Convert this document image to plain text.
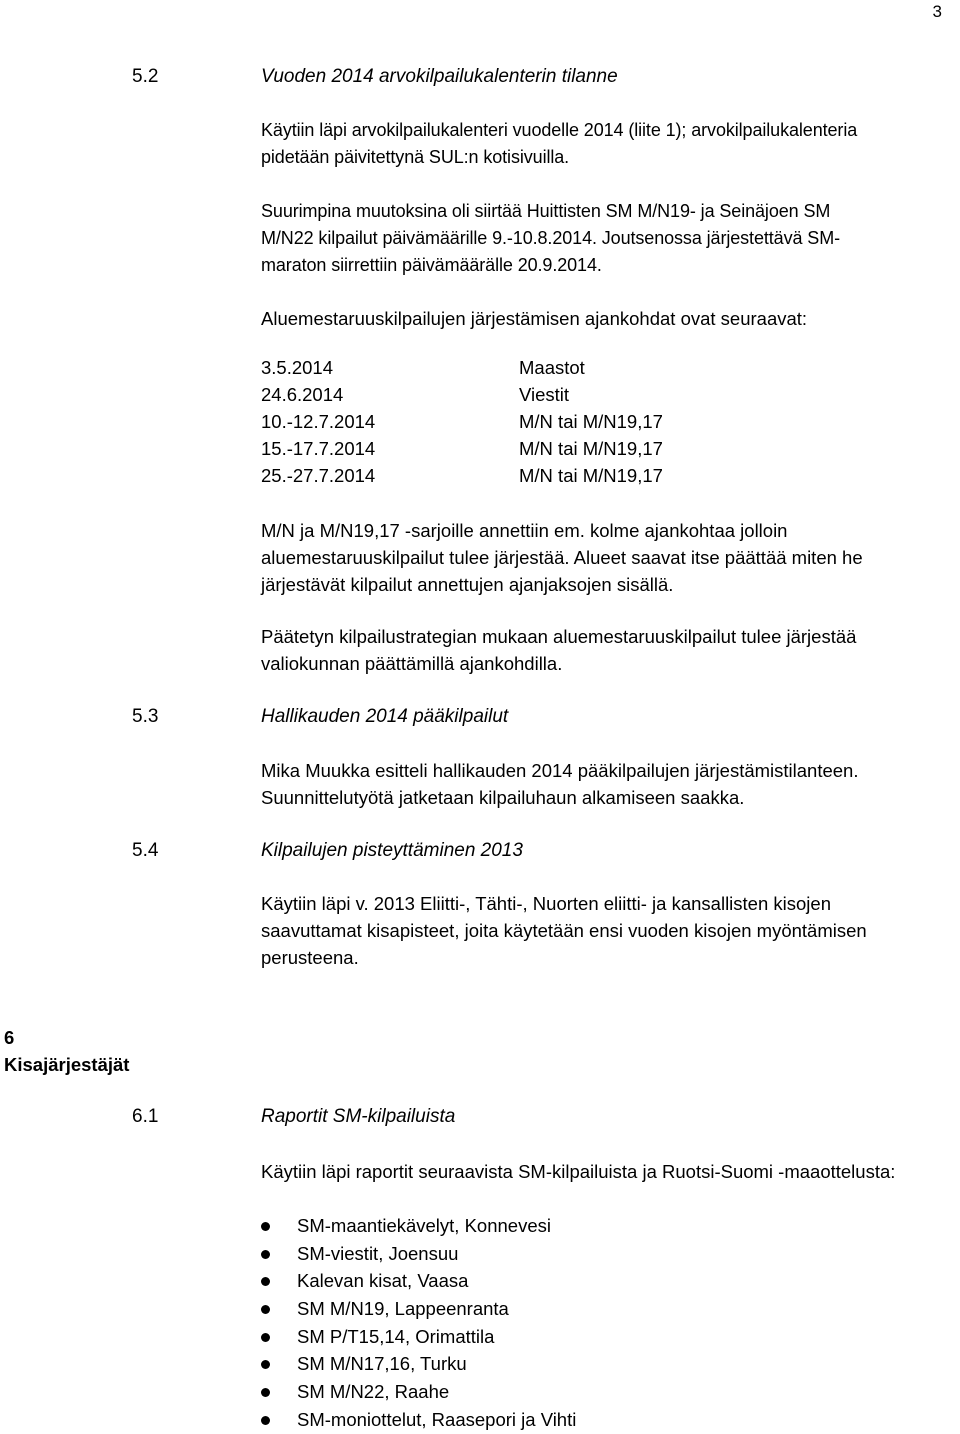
3
5.2	Vuoden 2014 arvokilpailukalenterin tilanne
Käytiin läpi arvokilpailukalenteri vuodelle 2014 (liite 1); arvokilpailukalenteria
pidetään päivitettynä SUL:n kotisivuilla.
Suurimpina muutoksina oli siirtää Huittisten SM M/N19- ja Seinäjoen SM
M/N22 kilpailut päivämäärille 9.-10.8.2014. Joutsenossa järjestettävä SM-
maraton siirrettiin päivämäärälle 20.9.2014.
Aluemestaruuskilpailujen järjestämisen ajankohdat ovat seuraavat:
3.5.2014	Maastot
24.6.2014	Viestit
10.-12.7.2014	M/N tai M/N19,17
15.-17.7.2014	M/N tai M/N19,17
25.-27.7.2014	M/N tai M/N19,17
M/N ja M/N19,17 -sarjoille annettiin em. kolme ajankohtaa jolloin
aluemestaruuskilpailut tulee järjestää. Alueet saavat itse päättää miten he
järjestävät kilpailut annettujen ajanjaksojen sisällä.
Päätetyn kilpailustrategian mukaan aluemestaruuskilpailut tulee järjestää
valiokunnan päättämillä ajankohdilla.
5.3	Hallikauden 2014 pääkilpailut
Mika Muukka esitteli hallikauden 2014 pääkilpailujen järjestämistilanteen.
Suunnittelutyötä jatketaan kilpailuhaun alkamiseen saakka.
5.4	Kilpailujen pisteyttäminen 2013
Käytiin läpi v. 2013 Eliitti-, Tähti-, Nuorten eliitti- ja kansallisten kisojen
saavuttamat kisapisteet, joita käytetään ensi vuoden kisojen myöntämisen
perusteena.
6
Kisajärjestäjät
6.1	Raportit SM-kilpailuista
Käytiin läpi raportit seuraavista SM-kilpailuista ja Ruotsi-Suomi -maaottelusta:
SM-maantiekävelyt, Konnevesi
SM-viestit, Joensuu
Kalevan kisat, Vaasa
SM M/N19, Lappeenranta
SM P/T15,14, Orimattila
SM M/N17,16, Turku
SM M/N22, Raahe
SM-moniottelut, Raasepori ja Vihti
